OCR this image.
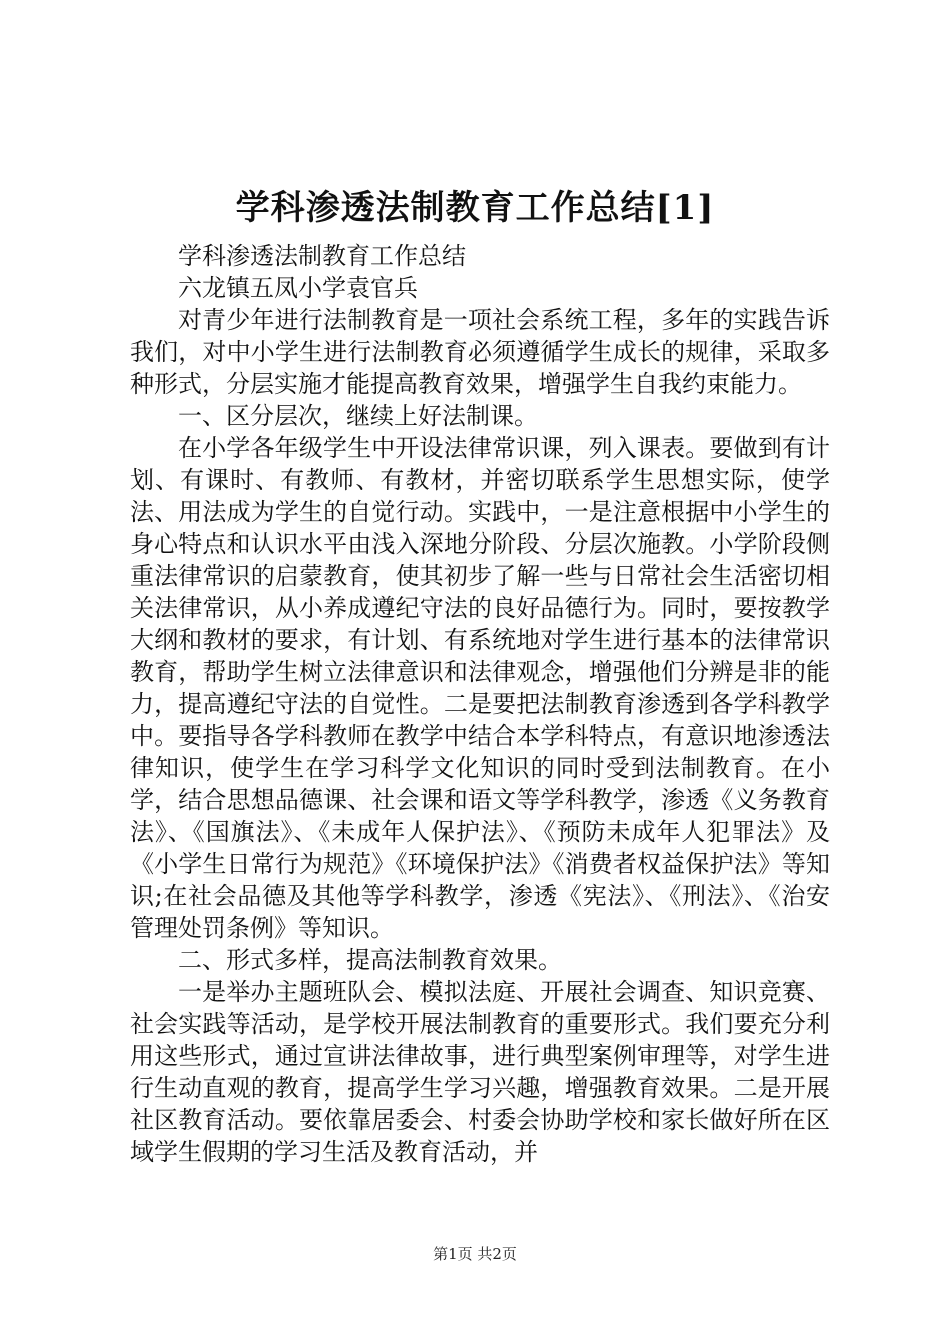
学科渗透法制教育工作总结[1]

学科渗透法制教育工作总结

六龙镇五凤小学袁官兵

对青少年进行法制教育是一项社会系统工程，多年的实践告诉我们，对中小学生进行法制教育必须遵循学生成长的规律，采取多种形式，分层实施才能提高教育效果，增强学生自我约束能力。

一、区分层次，继续上好法制课。

在小学各年级学生中开设法律常识课，列入课表。要做到有计划、有课时、有教师、有教材，并密切联系学生思想实际，使学法、用法成为学生的自觉行动。实践中，一是注意根据中小学生的身心特点和认识水平由浅入深地分阶段、分层次施教。小学阶段侧重法律常识的启蒙教育，使其初步了解一些与日常社会生活密切相关法律常识，从小养成遵纪守法的良好品德行为。同时，要按教学大纲和教材的要求，有计划、有系统地对学生进行基本的法律常识教育，帮助学生树立法律意识和法律观念，增强他们分辨是非的能力，提高遵纪守法的自觉性。二是要把法制教育渗透到各学科教学中。要指导各学科教师在教学中结合本学科特点，有意识地渗透法律知识，使学生在学习科学文化知识的同时受到法制教育。在小学，结合思想品德课、社会课和语文等学科教学，渗透《义务教育法》、《国旗法》、《未成年人保护法》、《预防未成年人犯罪法》及《小学生日常行为规范》《环境保护法》《消费者权益保护法》等知识;在社会品德及其他等学科教学，渗透《宪法》、《刑法》、《治安管理处罚条例》等知识。

二、形式多样，提高法制教育效果。

一是举办主题班队会、模拟法庭、开展社会调查、知识竞赛、社会实践等活动，是学校开展法制教育的重要形式。我们要充分利用这些形式，通过宣讲法律故事，进行典型案例审理等，对学生进行生动直观的教育，提高学生学习兴趣，增强教育效果。二是开展社区教育活动。要依靠居委会、村委会协助学校和家长做好所在区域学生假期的学习生活及教育活动，并

第1页 共2页
